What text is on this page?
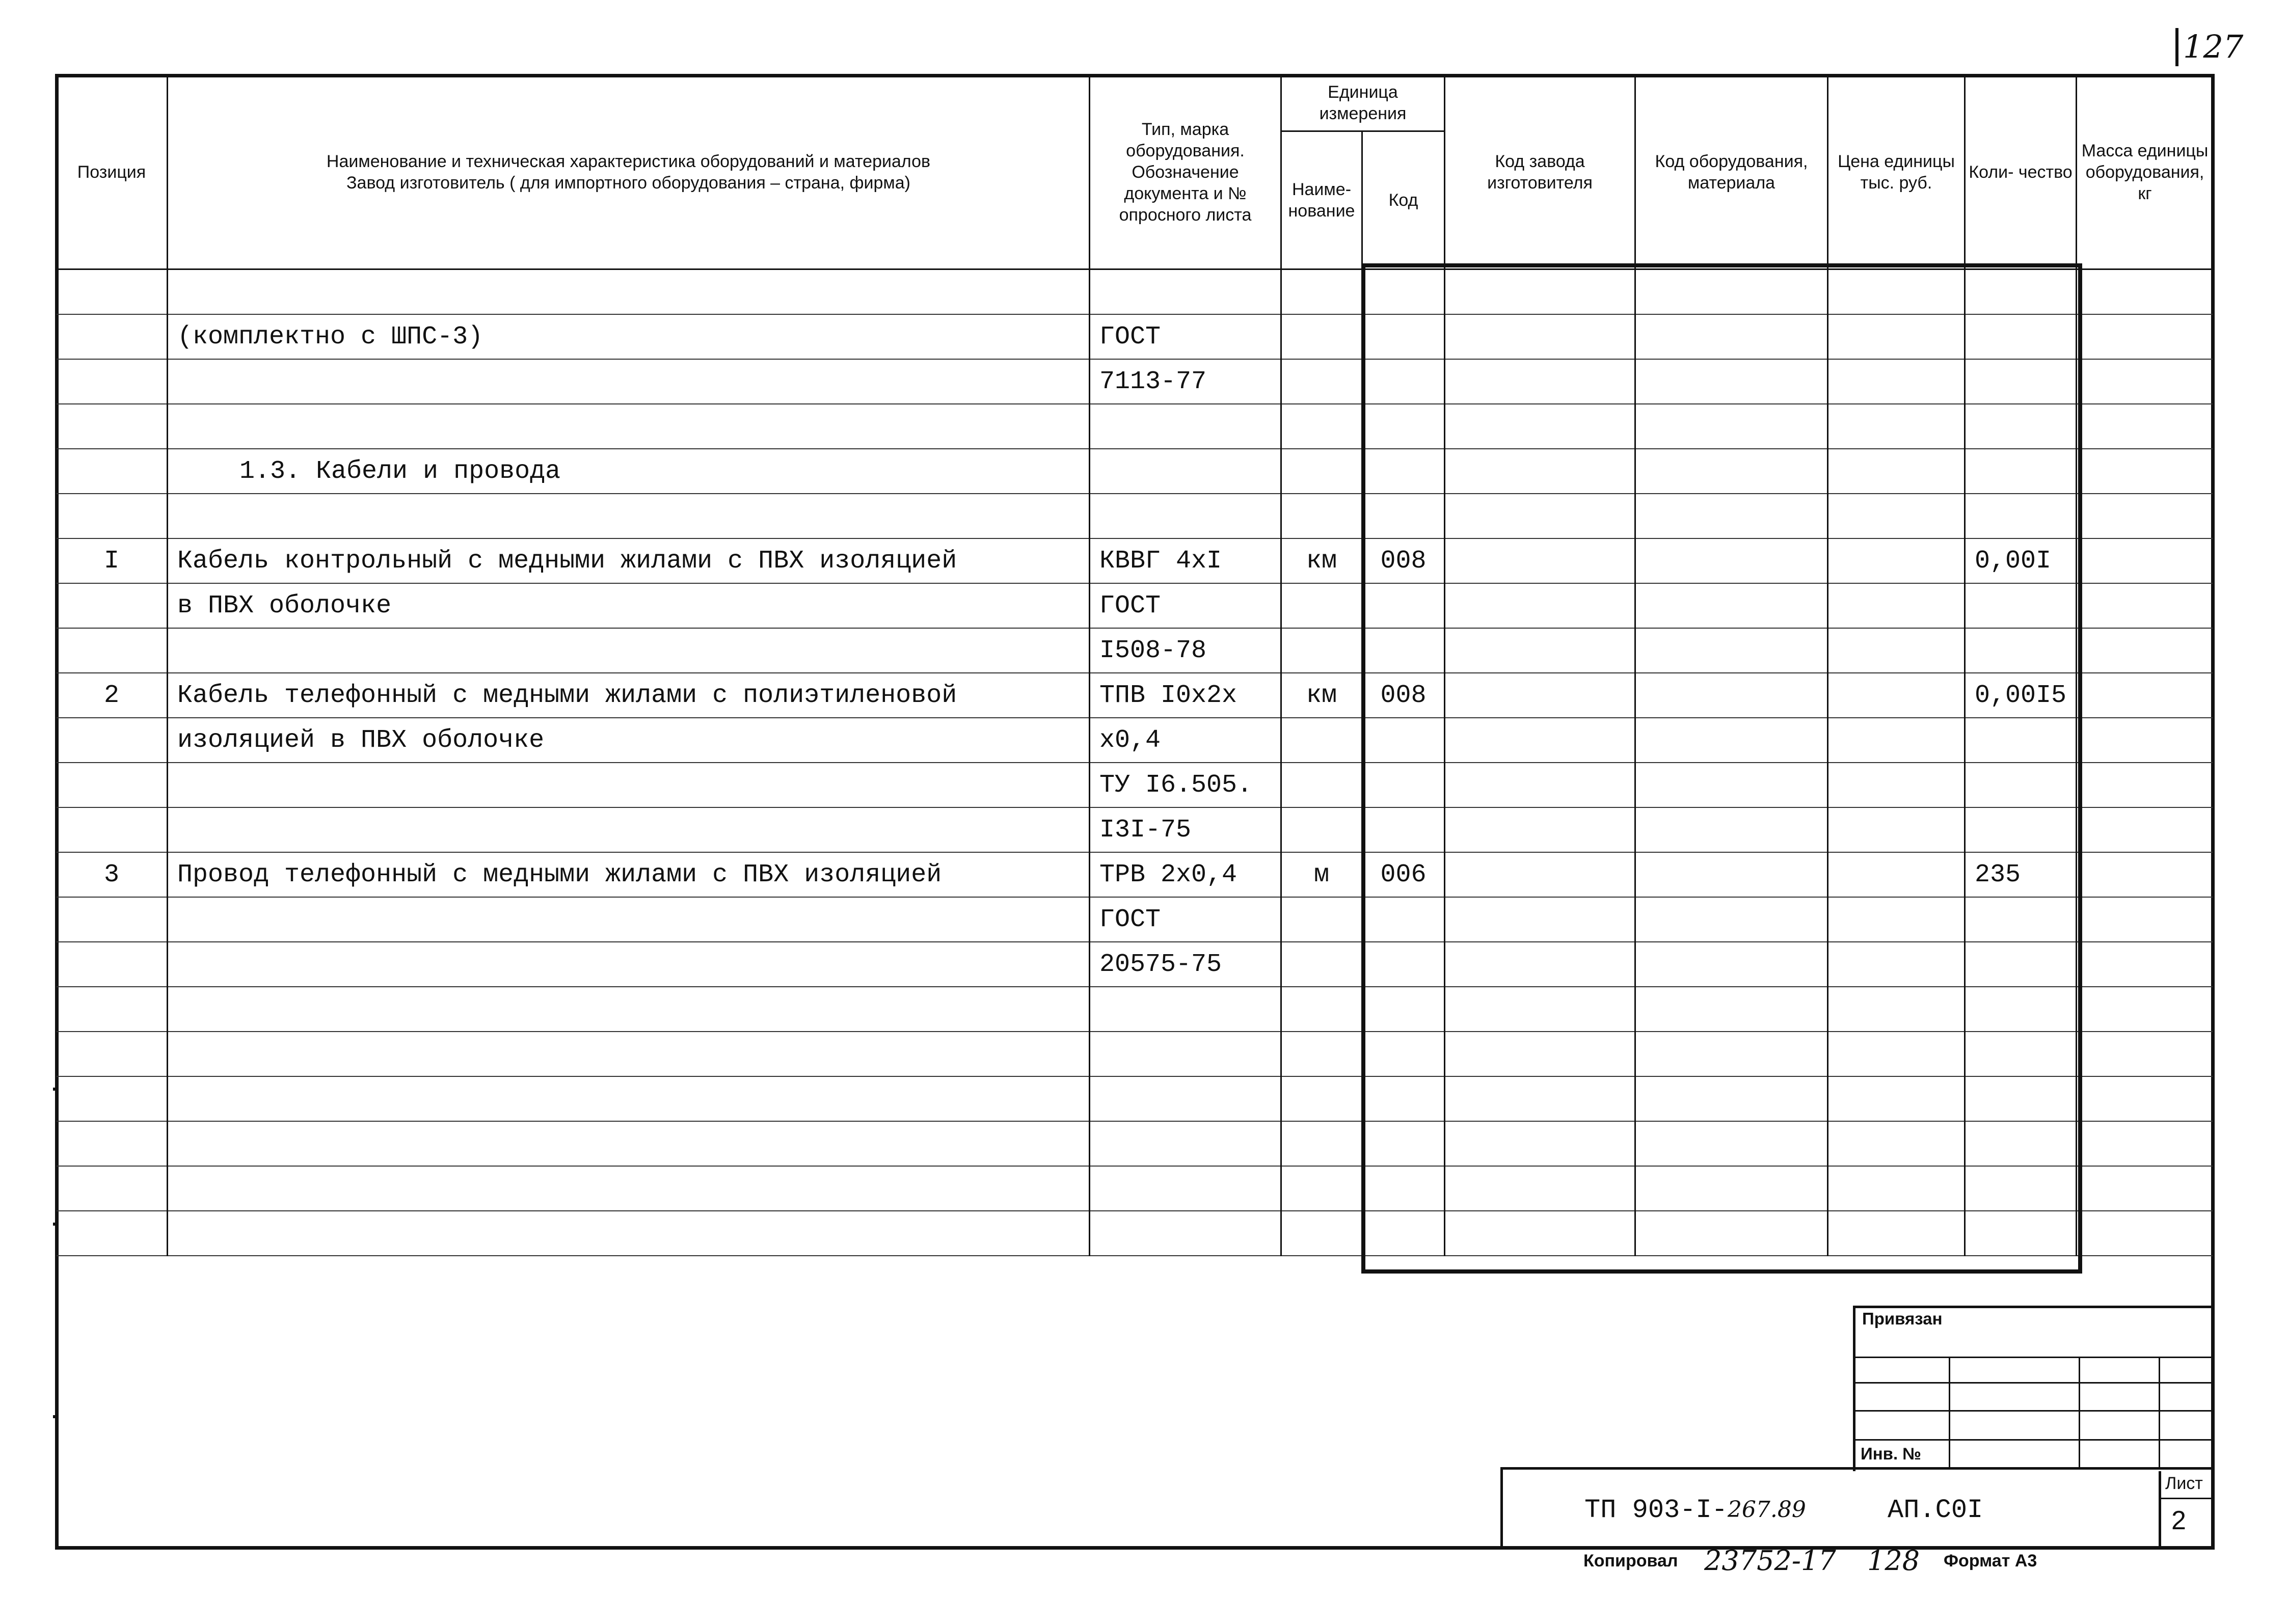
127
Позиция	Наименование и техническая характеристика оборудований и материалов
Завод изготовитель ( для импортного оборудования – страна, фирма)	Тип, марка оборудования. Обозначение документа и № опросного листа	Единица измерения		Код завода изготовителя	Код оборудования, материала	Цена единицы тыс. руб.	Коли- чество	Масса единицы оборудования, кг
			Наиме- нование	Код					

	(комплектно с ШПС-3)	ГОСТ							
		7113-77							

	1.3. Кабели и провода								

I	Кабель контрольный с медными жилами с ПВХ изоляцией	КВВГ 4xI	км	008				0,00I	
	в ПВХ оболочке	ГОСТ							
		I508-78							
2	Кабель телефонный с медными жилами с полиэтиленовой	ТПВ I0x2x	км	008				0,00I5	
	изоляцией в ПВХ оболочке	x0,4							
		ТУ I6.505.							
		I3I-75							
3	Провод телефонный с медными жилами с ПВХ изоляцией	ТРВ 2x0,4	м	006				235	
		ГОСТ							
		20575-75							

Привязан
Инв. №
ТП 903-I-267.89	АП.С0I
Лист
2
Копировал 23752-17 128 Формат А3
